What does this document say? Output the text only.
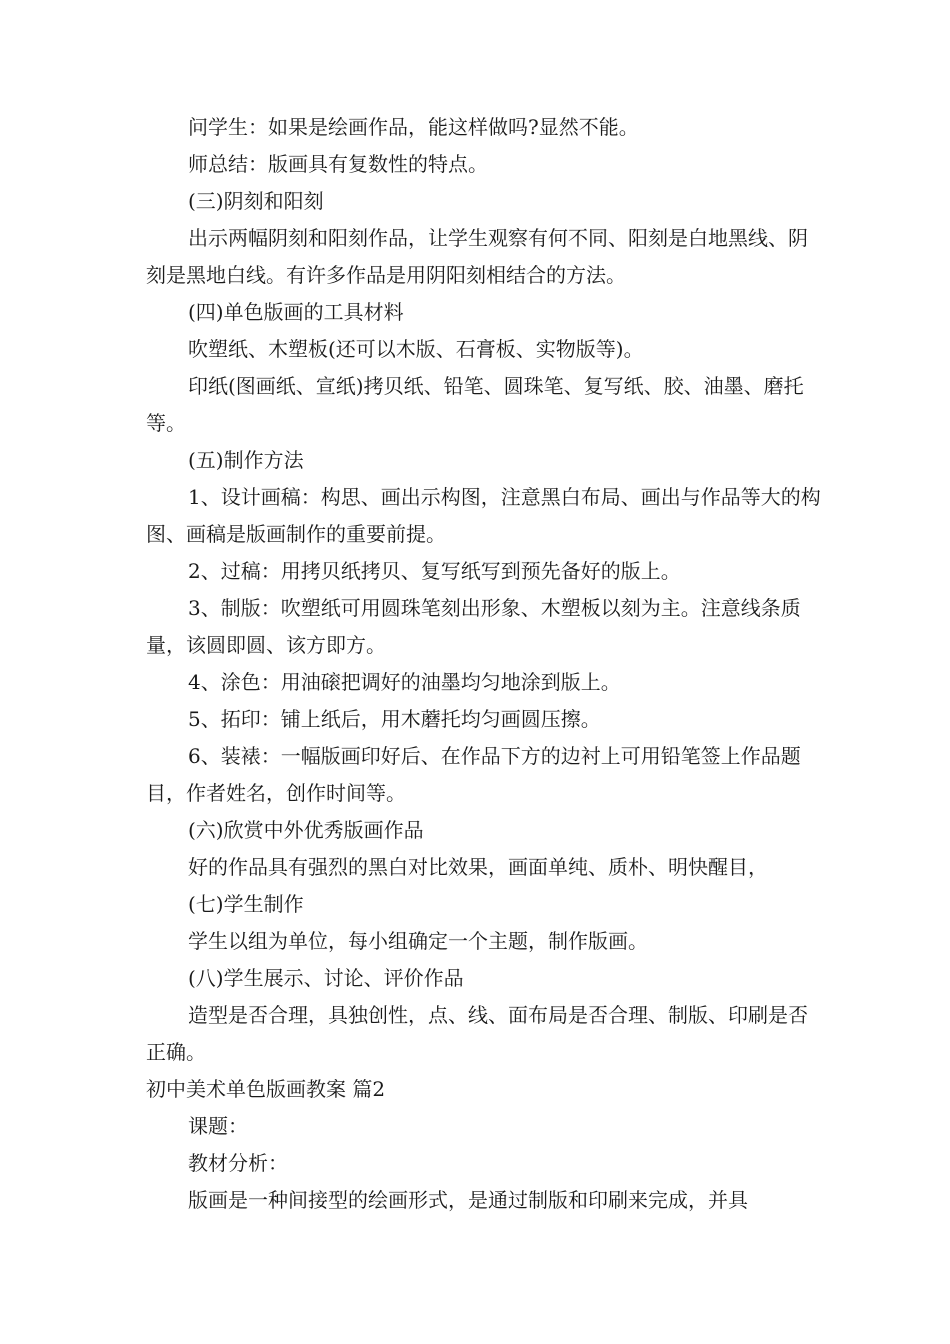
问学生：如果是绘画作品，能这样做吗?显然不能。

师总结：版画具有复数性的特点。

(三)阴刻和阳刻

出示两幅阴刻和阳刻作品，让学生观察有何不同、阳刻是白地黑线、阴刻是黑地白线。有许多作品是用阴阳刻相结合的方法。

(四)单色版画的工具材料

吹塑纸、木塑板(还可以木版、石膏板、实物版等)。

印纸(图画纸、宣纸)拷贝纸、铅笔、圆珠笔、复写纸、胶、油墨、磨托等。

(五)制作方法

1、设计画稿：构思、画出示构图，注意黑白布局、画出与作品等大的构图、画稿是版画制作的重要前提。

2、过稿：用拷贝纸拷贝、复写纸写到预先备好的版上。

3、制版：吹塑纸可用圆珠笔刻出形象、木塑板以刻为主。注意线条质量，该圆即圆、该方即方。

4、涂色：用油磙把调好的油墨均匀地涂到版上。

5、拓印：铺上纸后，用木蘑托均匀画圆压擦。

6、装裱：一幅版画印好后、在作品下方的边衬上可用铅笔签上作品题目，作者姓名，创作时间等。

(六)欣赏中外优秀版画作品

好的作品具有强烈的黑白对比效果，画面单纯、质朴、明快醒目，

(七)学生制作

学生以组为单位，每小组确定一个主题，制作版画。

(八)学生展示、讨论、评价作品

造型是否合理，具独创性，点、线、面布局是否合理、制版、印刷是否正确。

初中美术单色版画教案 篇2

课题：

教材分析：

版画是一种间接型的绘画形式，是通过制版和印刷来完成，并具
